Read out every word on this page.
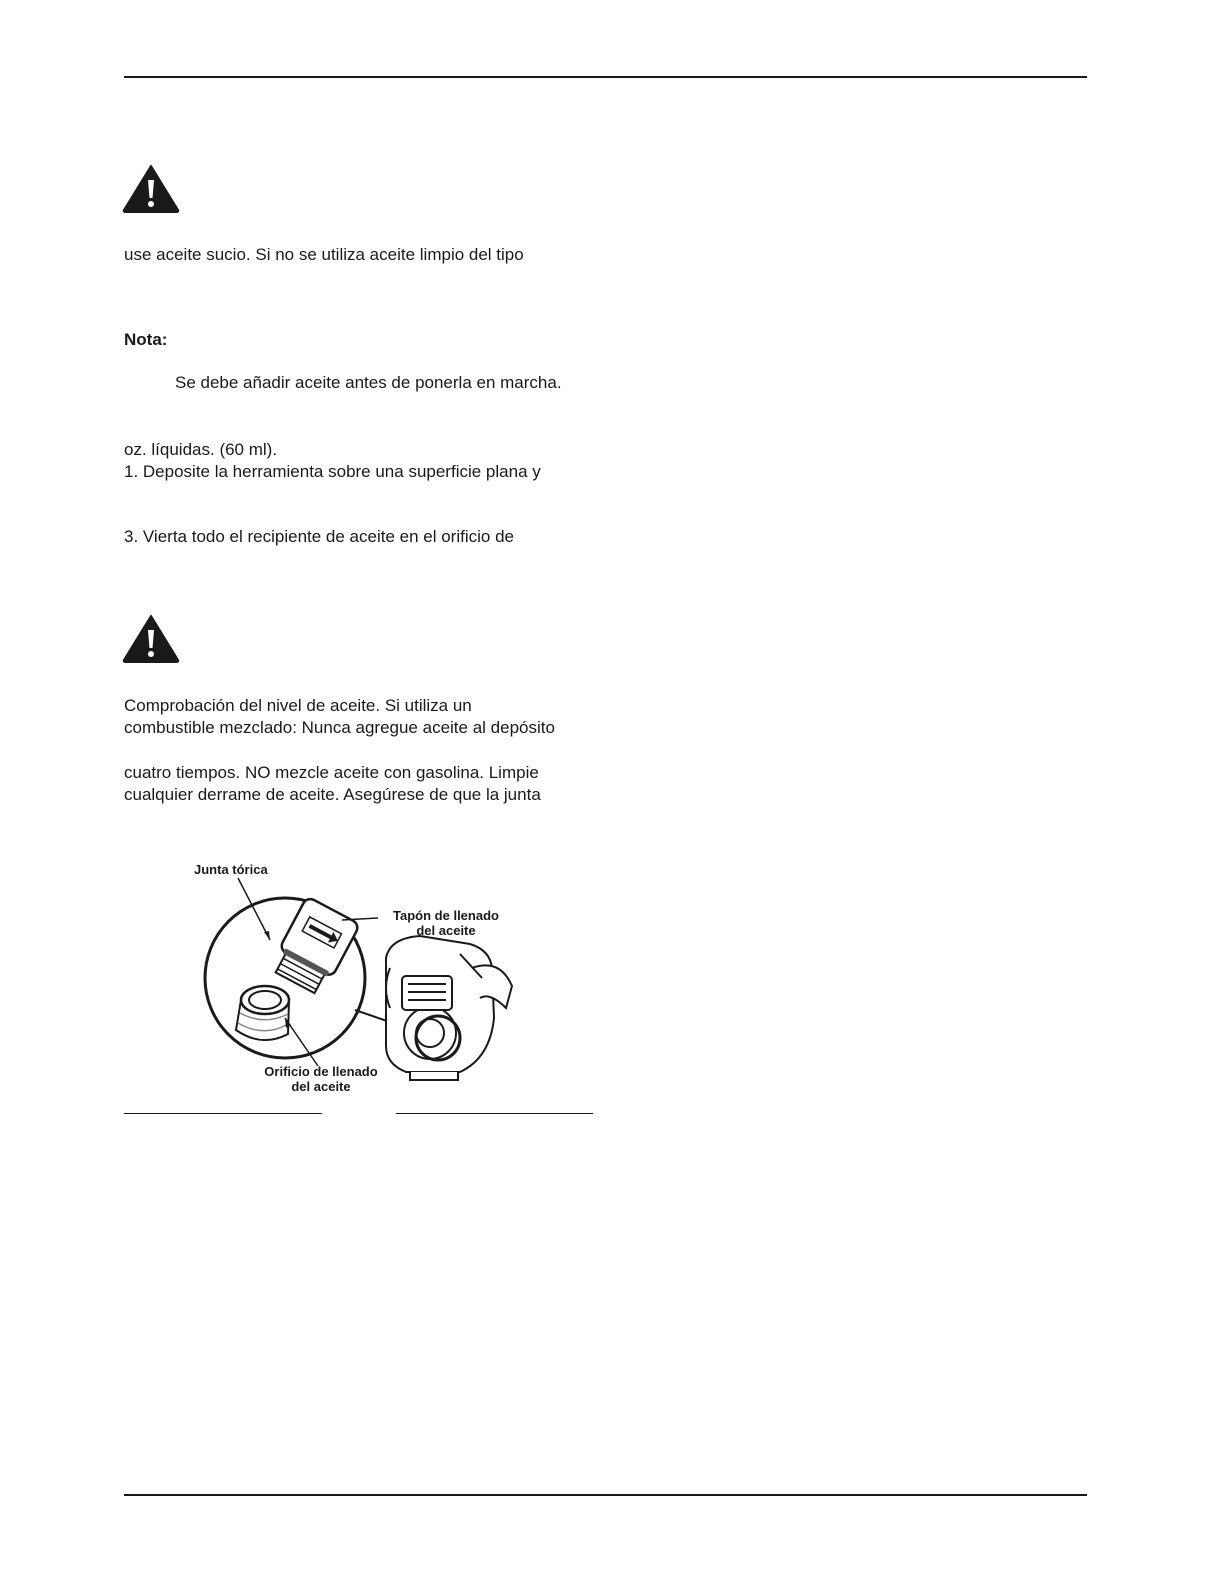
use aceite sucio. Si no se utiliza aceite limpio del tipo
Nota:
Se debe añadir aceite antes de ponerla en marcha.
oz. líquidas. (60 ml).
1. Deposite la herramienta sobre una superficie plana y
3. Vierta todo el recipiente de aceite en el orificio de
Comprobación del nivel de aceite. Si utiliza un
combustible mezclado: Nunca agregue aceite al depósito
cuatro tiempos. NO mezcle aceite con gasolina. Limpie
cualquier derrame de aceite. Asegúrese de que la junta
Junta tórica
Tapón de llenado
del aceite
Orificio de llenado
del aceite
